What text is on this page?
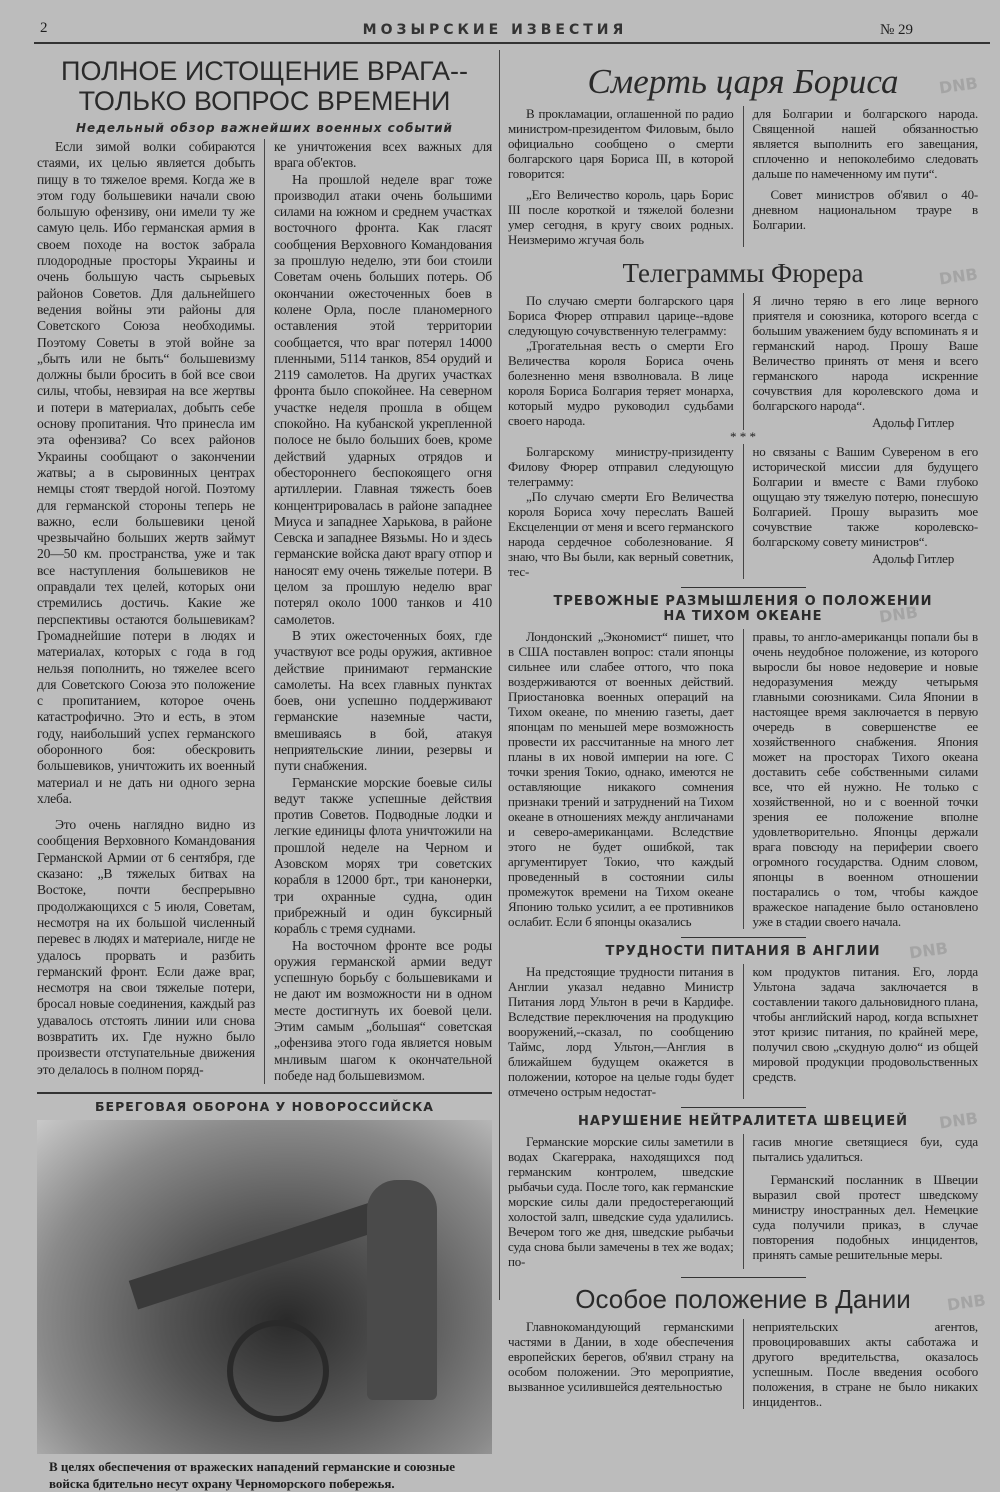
2	МОЗЫРСКИЕ ИЗВЕСТИЯ	№ 29
ПОЛНОЕ ИСТОЩЕНИЕ ВРАГА--
ТОЛЬКО ВОПРОС ВРЕМЕНИ
Недельный обзор важнейших военных событий

Если зимой волки собираются стаями, их целью является добыть пищу в то тяжелое время. Когда же в этом году большевики начали свою большую офензиву, они имели ту же самую цель. Ибо германская армия в своем походе на восток забрала плодородные просторы Украины и очень большую часть сырьевых районов Советов. Для дальнейшего ведения войны эти районы для Советского Союза необходимы. Поэтому Советы в этой войне за „быть или не быть“ большевизму должны были бросить в бой все свои силы, чтобы, невзирая на все жертвы и потери в материалах, добыть себе основу пропитания. Что принесла им эта офензива? Со всех районов Украины сообщают о закончении жатвы; а в сыровинных центрах немцы стоят твердой ногой. Поэтому для германской стороны теперь не важно, если большевики ценой чрезвычайно больших жертв займут 20—50 км. пространства, уже и так все наступления большевиков не оправдали тех целей, которых они стремились достичь. Какие же перспективы остаются большевикам? Громаднейшие потери в людях и материалах, которых с года в год нельзя пополнить, но тяжелее всего для Советского Союза это положение с пропитанием, которое очень катастрофично. Это и есть, в этом году, наибольший успех германского оборонного боя: обескровить большевиков, уничтожить их военный материал и не дать ни одного зерна хлеба.

Это очень наглядно видно из сообщения Верховного Командования Германской Армии от 6 сентября, где сказано: „В тяжелых битвах на Востоке, почти беспрерывно продолжающихся с 5 июля, Советам, несмотря на их большой численный перевес в людях и материале, нигде не удалось прорвать и разбить германский фронт. Если даже враг, несмотря на свои тяжелые потери, бросал новые соединения, каждый раз удавалось отстоять линии или снова возвратить их. Где нужно было произвести отступательные движения это делалось в полном поряд-

ке уничтожения всех важных для врага об'ектов.

На прошлой неделе враг тоже производил атаки очень большими силами на южном и среднем участках восточного фронта. Как гласят сообщения Верховного Командования за прошлую неделю, эти бои стоили Советам очень больших потерь. Об окончании ожесточенных боев в колене Орла, после планомерного оставления этой территории сообщается, что враг потерял 14000 пленными, 5114 танков, 854 орудий и 2119 самолетов. На других участках фронта было спокойнее. На северном участке неделя прошла в общем спокойно. На кубанской укрепленной полосе не было больших боев, кроме действий ударных отрядов и обестороннего беспокоящего огня артиллерии. Главная тяжесть боев концентрировалась в районе западнее Миуса и западнее Харькова, в районе Севска и западнее Вязьмы. Но и здесь германские войска дают врагу отпор и наносят ему очень тяжелые потери. В целом за прошлую неделю враг потерял около 1000 танков и 410 самолетов.

В этих ожесточенных боях, где участвуют все роды оружия, активное действие принимают германские самолеты. На всех главных пунктах боев, они успешно поддерживают германские наземные части, вмешиваясь в бой, атакуя неприятельские линии, резервы и пути снабжения.

Германские морские боевые силы ведут также успешные действия против Советов. Подводные лодки и легкие единицы флота уничтожили на прошлой неделе на Черном и Азовском морях три советских корабля в 12000 брт., три канонерки, три охранные судна, один прибрежный и один букcирный корабль с тремя суднами.

На восточном фронте все роды оружия германской армии ведут успешную борьбу с большевиками и не дают им возможности ни в одном месте достигнуть их боевой цели. Этим самым „большая“ советская „офензива этого года является новым мнливым шагом к окончательной победе над большевизмом.

БЕРЕГОВАЯ ОБОРОНА У НОВОРОССИЙСКА
В целях обеспечения от вражеских нападений германские и союзные войска бдительно несут охрану Черноморского побережья.
Смерть царя Бориса DNB

В прокламации, оглашенной по радио министром-президентом Филовым, было официально сообщено о смерти болгарского царя Бориса III, в которой говорится:

„Его Величество король, царь Борис III после короткой и тяжелой болезни умер сегодня, в кругу своих родных. Неизмеримо жгучая боль

для Болгарии и болгарского народа. Священной нашей обязанностью является выполнить его завещания, сплоченно и непоколебимо следовать дальше по намеченному им пути“.

Совет министров об'явил о 40-дневном национальном трауре в Болгарии.

Телеграммы Фюрера	DNB

По случаю смерти болгарского царя Бориса Фюрер отправил царице--вдове следующую сочувственную телеграмму:

„Трогательная весть о смерти Его Величества короля Бориса очень болезненно меня взволновала. В лице короля Бориса Болгария теряет монарха, который мудро руководил судьбами своего народа.

Я лично теряю в его лице верного приятеля и союзника, которого всегда с большим уважением буду вспоминать я и германский народ. Прошу Ваше Величество принять от меня и всего германского народа искренние сочувствия для королевского дома и болгарского народа“.

Адольф Гитлер
* * *

Болгарскому министру-призиденту Филову Фюрер отправил следующую телеграмму:

„По случаю смерти Его Величества короля Бориса хочу переслать Вашей Ексцеленции от меня и всего германского народа сердечное соболезнование. Я знаю, что Вы были, как верный советник, тес-

но связаны с Вашим Сувереном в его исторической миссии для будущего Болгарии и вместе с Вами глубоко ощущаю эту тяжелую потерю, понесшую Болгарией. Прошу выразить мое сочувствие также королевско-болгарскому совету министров“.

Адольф Гитлер
ТРЕВОЖНЫЕ РАЗМЫШЛЕНИЯ О ПОЛОЖЕНИИ
НА ТИХОМ ОКЕАНЕ	DNB

Лондонский „Экономист“ пишет, что в США поставлен вопрос: стали японцы сильнее или слабее оттого, что пока воздерживаются от военных действий. Приостановка военных операций на Тихом океане, по мнению газеты, дает японцам по меньшей мере возможность провести их рассчитанные на много лет планы в их новой империи на юге. С точки зрения Токио, однако, имеются не оставляющие никакого сомнения признаки трений и затруднений на Тихом океане в отношениях между англичанами и северо-американцами. Вследствие этого не будет ошибкой, так аргументирует Токио, что каждый проведенный в состоянии силы промежуток времени на Тихом океане Японию только усилит, а ее противников ослабит. Если б японцы оказались

правы, то англо-американцы попали бы в очень неудобное положение, из которого выросли бы новое недоверие и новые недоразумения между четырьмя главными союзниками. Сила Японии в настоящее время заключается в первую очередь в совершенстве ее хозяйственного снабжения. Япония может на просторах Тихого океана доставить себе собственными силами все, что ей нужно. Не только с хозяйственной, но и с военной точки зрения ее положение вполне удовлетворительно. Японцы держали врага повсюду на периферии своего огромного государства. Одним словом, японцы в военном отношении постарались о том, чтобы каждое вражеское нападение было остановлено уже в стадии своего начала.

ТРУДНОСТИ ПИТАНИЯ В АНГЛИИ DNB

На предстоящие трудности питания в Англии указал недавно Министр Питания лорд Ультон в речи в Кардифе. Вследствие переключения на продукцию вооружений,--сказал, по сообщению Таймс, лорд Ультон,—Англия в ближайшем будущем окажется в положении, которое на целые годы будет отмечено острым недостат-

ком продуктов питания. Его, лорда Ультона задача заключается в составлении такого дальновидного плана, чтобы английский народ, когда вспыхнет этот кризис питания, по крайней мере, получил свою „скудную долю“ из общей мировой продукции продовольственных средств.

НАРУШЕНИЕ НЕЙТРАЛИТЕТА ШВЕЦИЕЙ DNB

Германские морские силы заметили в водах Скагеррака, находящихся под германским контролем, шведские рыбачьи суда. После того, как германские морские силы дали предостерегающий холостой залп, шведские суда удалились. Вечером того же дня, шведские рыбачьи суда снова были замечены в тех же водах; по-

гасив многие светящиеся буи, суда пытались удалиться.

Германский посланник в Швеции выразил свой протест шведскому министру иностранных дел. Немецкие суда получили приказ, в случае повторения подобных инцидентов, принять самые решительные меры.

Особое положение в Дании DNB

Главнокомандующий германскими частями в Дании, в ходе обеспечения европейских берегов, об'явил страну на особом положении. Это мероприятие, вызванное усилившейся деятельностью

неприятельских агентов, провоцировавших акты саботажа и другого вредительства, оказалось успешным. После введения особого положения, в стране не было никаких инцидентов..
